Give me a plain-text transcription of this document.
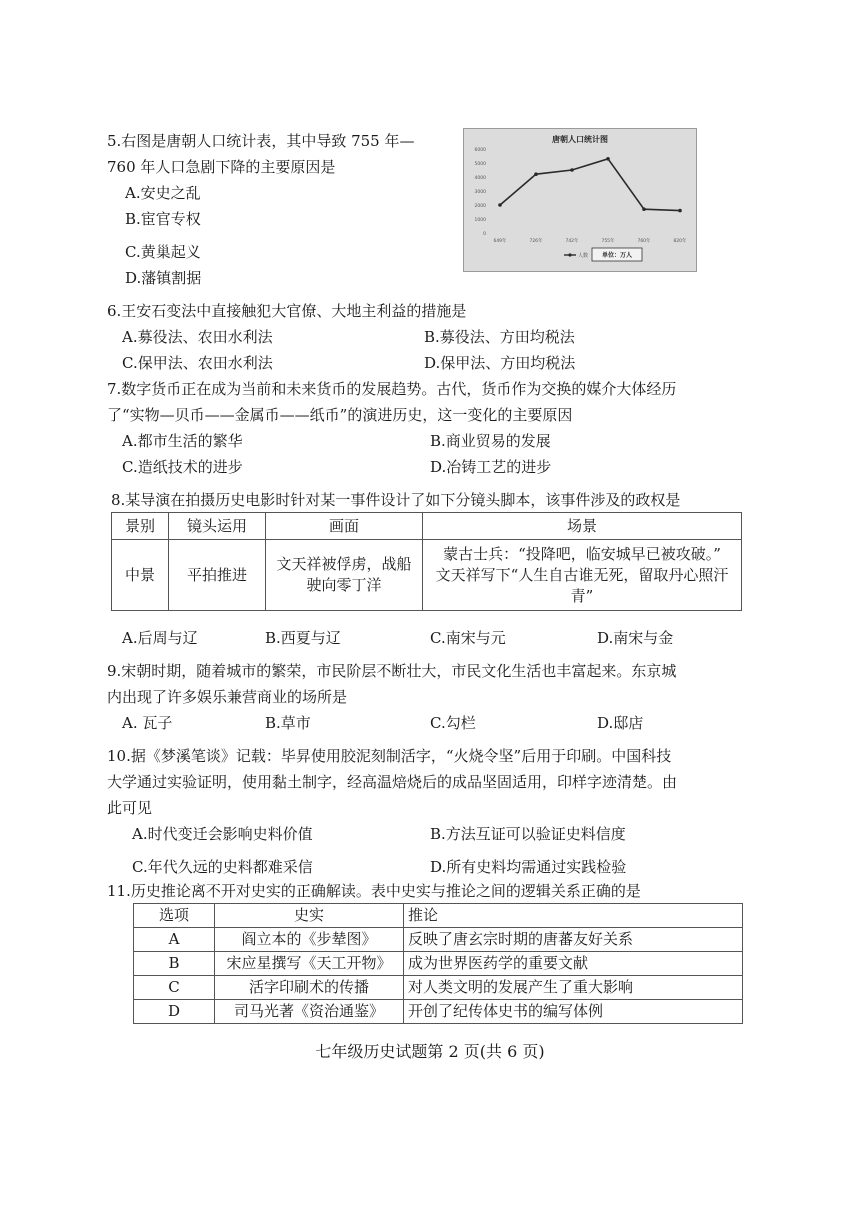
5.右图是唐朝人口统计表，其中导致 755 年—
760 年人口急剧下降的主要原因是
A.安史之乱
B.宦官专权
C.黄巢起义
D.藩镇割据
唐朝人口统计图
0
1000
2000
3000
4000
5000
6000
649年	726年	742年	755年	760年	820年
人数 单位：万人
6.王安石变法中直接触犯大官僚、大地主利益的措施是
A.募役法、农田水利法	B.募役法、方田均税法
C.保甲法、农田水利法	D.保甲法、方田均税法
7.数字货币正在成为当前和未来货币的发展趋势。古代，货币作为交换的媒介大体经历
了“实物—贝币——金属币——纸币”的演进历史，这一变化的主要原因
A.都市生活的繁华	B.商业贸易的发展
C.造纸技术的进步	D.冶铸工艺的进步
8.某导演在拍摄历史电影时针对某一事件设计了如下分镜头脚本，该事件涉及的政权是
景别	镜头运用	画面	场景
中景	平拍推进	文天祥被俘虏，战船驶向零丁洋	蒙古士兵：“投降吧，临安城早已被攻破。”
文天祥写下“人生自古谁无死，留取丹心照汗青”
A.后周与辽	B.西夏与辽	C.南宋与元	D.南宋与金
9.宋朝时期，随着城市的繁荣，市民阶层不断壮大，市民文化生活也丰富起来。东京城
内出现了许多娱乐兼营商业的场所是
A. 瓦子	B.草市	C.勾栏	D.邸店
10.据《梦溪笔谈》记载：毕昇使用胶泥刻制活字，“火烧令坚”后用于印刷。中国科技
大学通过实验证明，使用黏土制字，经高温焙烧后的成品坚固适用，印样字迹清楚。由
此可见
A.时代变迁会影响史料价值	B.方法互证可以验证史料信度
C.年代久远的史料都难采信	D.所有史料均需通过实践检验
11.历史推论离不开对史实的正确解读。表中史实与推论之间的逻辑关系正确的是
选项	史实	推论
A	阎立本的《步辇图》	反映了唐玄宗时期的唐蕃友好关系
B	宋应星撰写《天工开物》	成为世界医药学的重要文献
C	活字印刷术的传播	对人类文明的发展产生了重大影响
D	司马光著《资治通鉴》	开创了纪传体史书的编写体例
七年级历史试题第 2 页(共 6 页)
